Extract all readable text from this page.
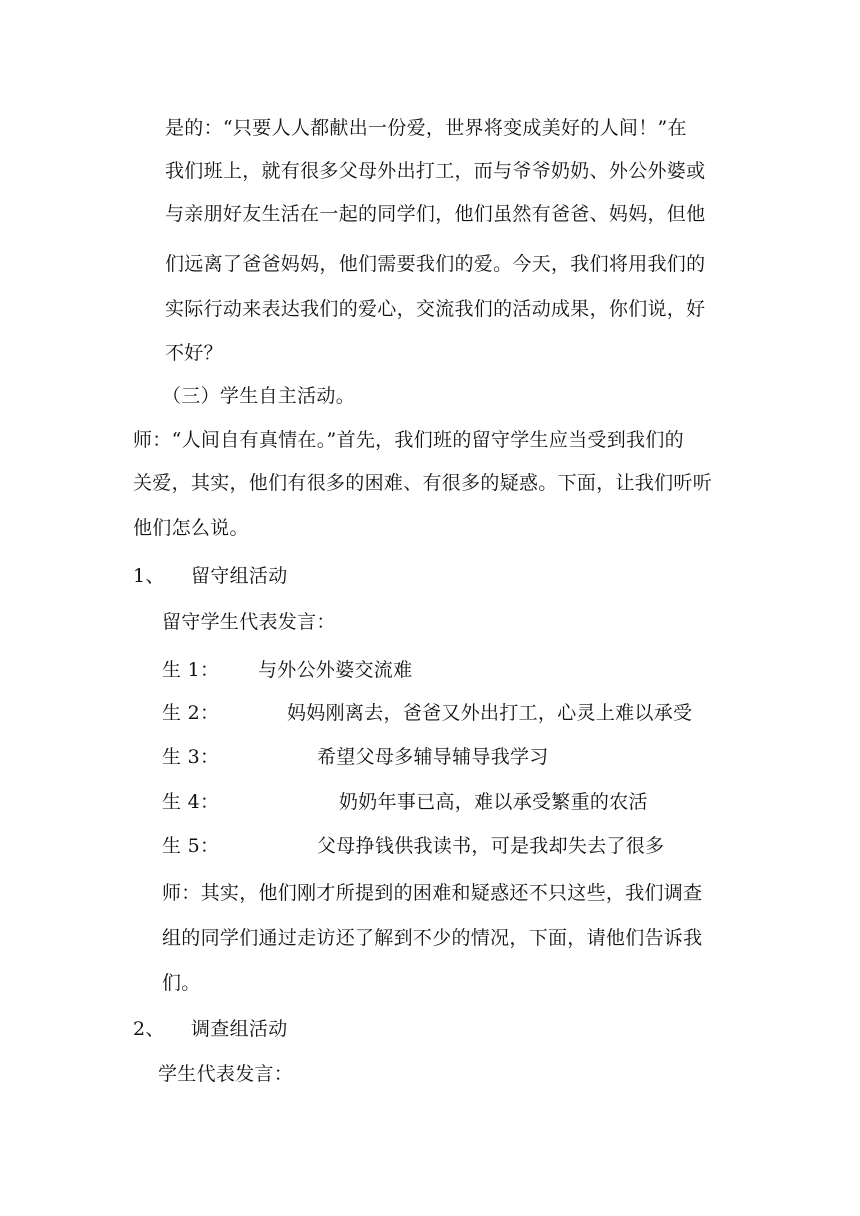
是的：“只要人人都献出一份爱，世界将变成美好的人间！”在
我们班上，就有很多父母外出打工，而与爷爷奶奶、外公外婆或
与亲朋好友生活在一起的同学们，他们虽然有爸爸、妈妈，但他
们远离了爸爸妈妈，他们需要我们的爱。今天，我们将用我们的
实际行动来表达我们的爱心，交流我们的活动成果，你们说，好
不好？
（三）学生自主活动。
师：“人间自有真情在。”首先，我们班的留守学生应当受到我们的
关爱，其实，他们有很多的困难、有很多的疑惑。下面，让我们听听
他们怎么说。
1、 留守组活动
留守学生代表发言：
生 1： 与外公外婆交流难
生 2：	妈妈刚离去，爸爸又外出打工，心灵上难以承受
生 3：	希望父母多辅导辅导我学习
生 4：	奶奶年事已高，难以承受繁重的农活
生 5：	父母挣钱供我读书，可是我却失去了很多
师：其实，他们刚才所提到的困难和疑惑还不只这些，我们调查
组的同学们通过走访还了解到不少的情况，下面，请他们告诉我
们。
2、 调查组活动
学生代表发言：
